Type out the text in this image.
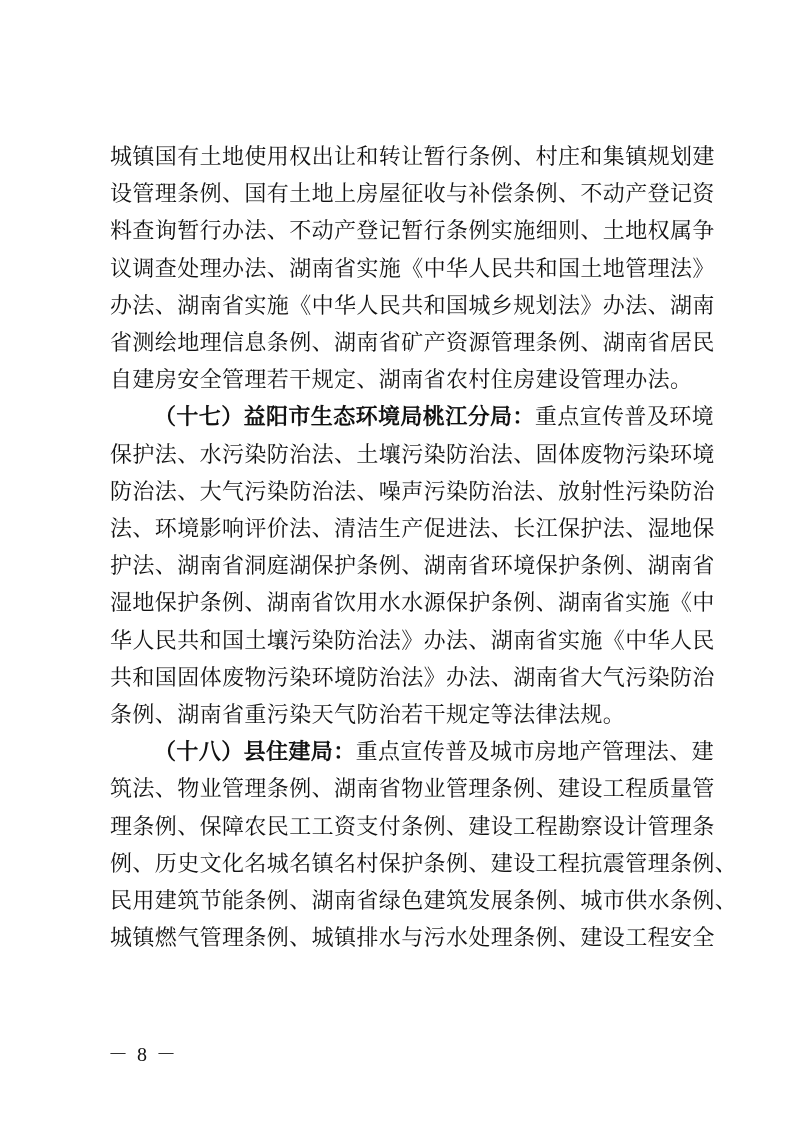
城镇国有土地使用权出让和转让暂行条例、村庄和集镇规划建
设管理条例、国有土地上房屋征收与补偿条例、不动产登记资
料查询暂行办法、不动产登记暂行条例实施细则、土地权属争
议调查处理办法、湖南省实施《中华人民共和国土地管理法》
办法、湖南省实施《中华人民共和国城乡规划法》办法、湖南
省测绘地理信息条例、湖南省矿产资源管理条例、湖南省居民
自建房安全管理若干规定、湖南省农村住房建设管理办法。
（十七）益阳市生态环境局桃江分局：重点宣传普及环境
保护法、水污染防治法、土壤污染防治法、固体废物污染环境
防治法、大气污染防治法、噪声污染防治法、放射性污染防治
法、环境影响评价法、清洁生产促进法、长江保护法、湿地保
护法、湖南省洞庭湖保护条例、湖南省环境保护条例、湖南省
湿地保护条例、湖南省饮用水水源保护条例、湖南省实施《中
华人民共和国土壤污染防治法》办法、湖南省实施《中华人民
共和国固体废物污染环境防治法》办法、湖南省大气污染防治
条例、湖南省重污染天气防治若干规定等法律法规。
（十八）县住建局：重点宣传普及城市房地产管理法、建
筑法、物业管理条例、湖南省物业管理条例、建设工程质量管
理条例、保障农民工工资支付条例、建设工程勘察设计管理条
例、历史文化名城名镇名村保护条例、建设工程抗震管理条例、
民用建筑节能条例、湖南省绿色建筑发展条例、城市供水条例、
城镇燃气管理条例、城镇排水与污水处理条例、建设工程安全
－ 8 －
